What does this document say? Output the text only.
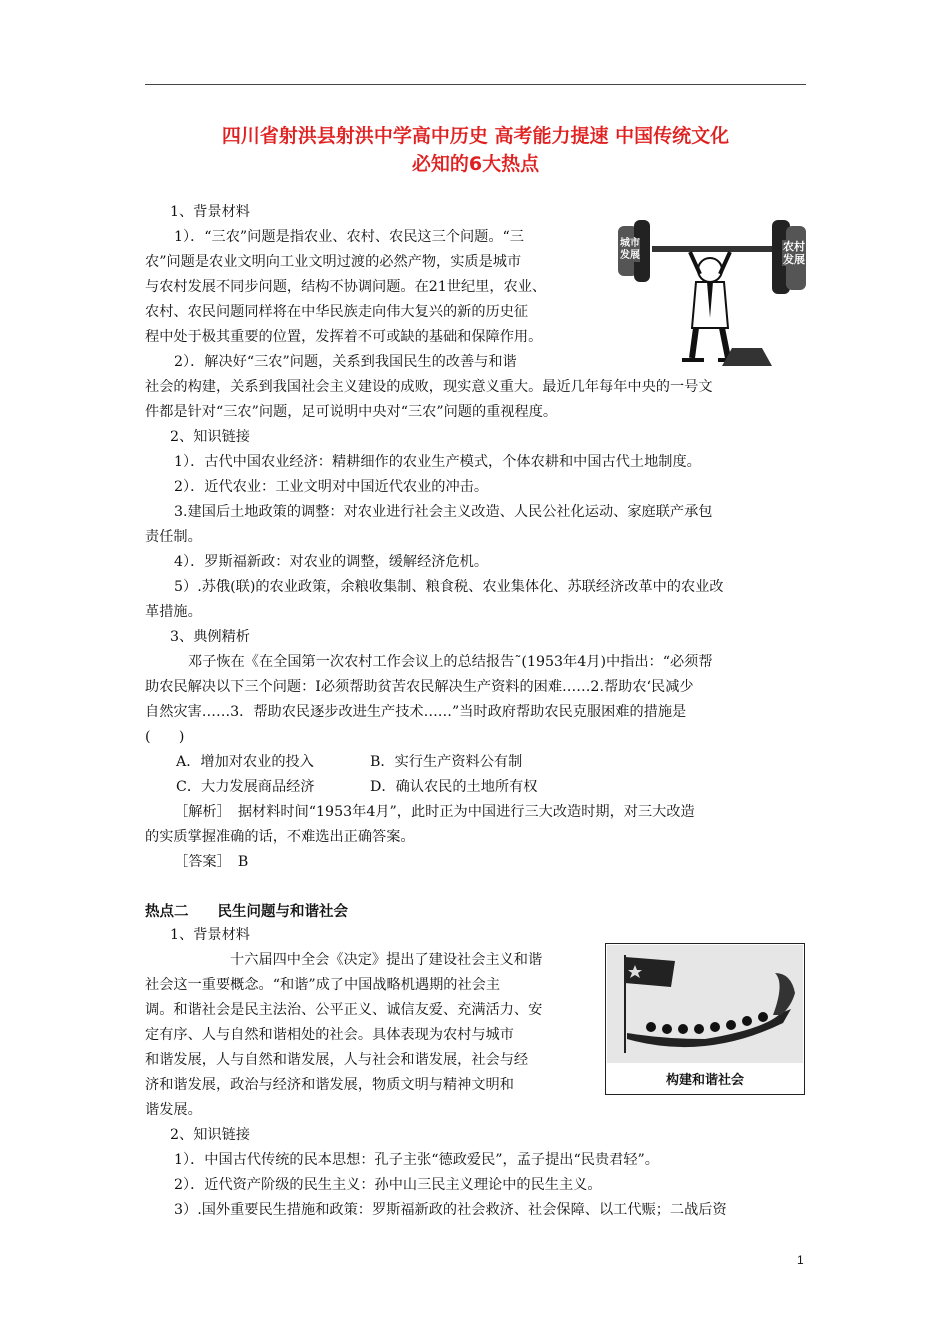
四川省射洪县射洪中学高中历史 高考能力提速 中国传统文化
必知的6大热点
1、背景材料
1）．“三农”问题是指农业、农村、农民这三个问题。“三
农”问题是农业文明向工业文明过渡的必然产物，实质是城市
与农村发展不同步问题，结构不协调问题。在21世纪里，农业、
农村、农民问题同样将在中华民族走向伟大复兴的新的历史征
程中处于极其重要的位置，发挥着不可或缺的基础和保障作用。
2）．解决好“三农”问题，关系到我国民生的改善与和谐
社会的构建，关系到我国社会主义建设的成败，现实意义重大。最近几年每年中央的一号文
件都是针对“三农”问题，足可说明中央对“三农”问题的重视程度。
2、知识链接
1）．古代中国农业经济：精耕细作的农业生产模式，个体农耕和中国古代土地制度。
2）．近代农业：工业文明对中国近代农业的冲击。
3.建国后土地政策的调整：对农业进行社会主义改造、人民公社化运动、家庭联产承包
责任制。
4）．罗斯福新政：对农业的调整，缓解经济危机。
5）.苏俄(联)的农业政策，余粮收集制、粮食税、农业集体化、苏联经济改革中的农业改
革措施。
3、典例精析
邓子恢在《在全国第一次农村工作会议上的总结报告˜(1953年4月)中指出：“必须帮
助农民解决以下三个问题：Ⅰ必须帮助贫苦农民解决生产资料的困难……2.帮助农‘民减少
自然灾害……3．帮助农民逐步改进生产技术……”当时政府帮助农民克服困难的措施是
(　　)
A．增加对农业的投入	B．实行生产资料公有制
C．大力发展商品经济	D．确认农民的土地所有权
［解析］　据材料时间“1953年4月”，此时正为中国进行三大改造时期，对三大改造
的实质掌握准确的话，不难选出正确答案。
［答案］　B
城市发展
农村发展
热点二　　民生问题与和谐社会
1、背景材料
十六届四中全会《决定》提出了建设社会主义和谐
社会这一重要概念。“和谐”成了中国战略机遇期的社会主
调。和谐社会是民主法治、公平正义、诚信友爱、充满活力、安
定有序、人与自然和谐相处的社会。具体表现为农村与城市
和谐发展，人与自然和谐发展，人与社会和谐发展，社会与经
济和谐发展，政治与经济和谐发展，物质文明与精神文明和
谐发展。
构建和谐社会
2、知识链接
1）．中国古代传统的民本思想：孔子主张“德政爱民”，孟子提出“民贵君轻”。
2）．近代资产阶级的民生主义：孙中山三民主义理论中的民生主义。
3）.国外重要民生措施和政策：罗斯福新政的社会救济、社会保障、以工代赈；二战后资
1
